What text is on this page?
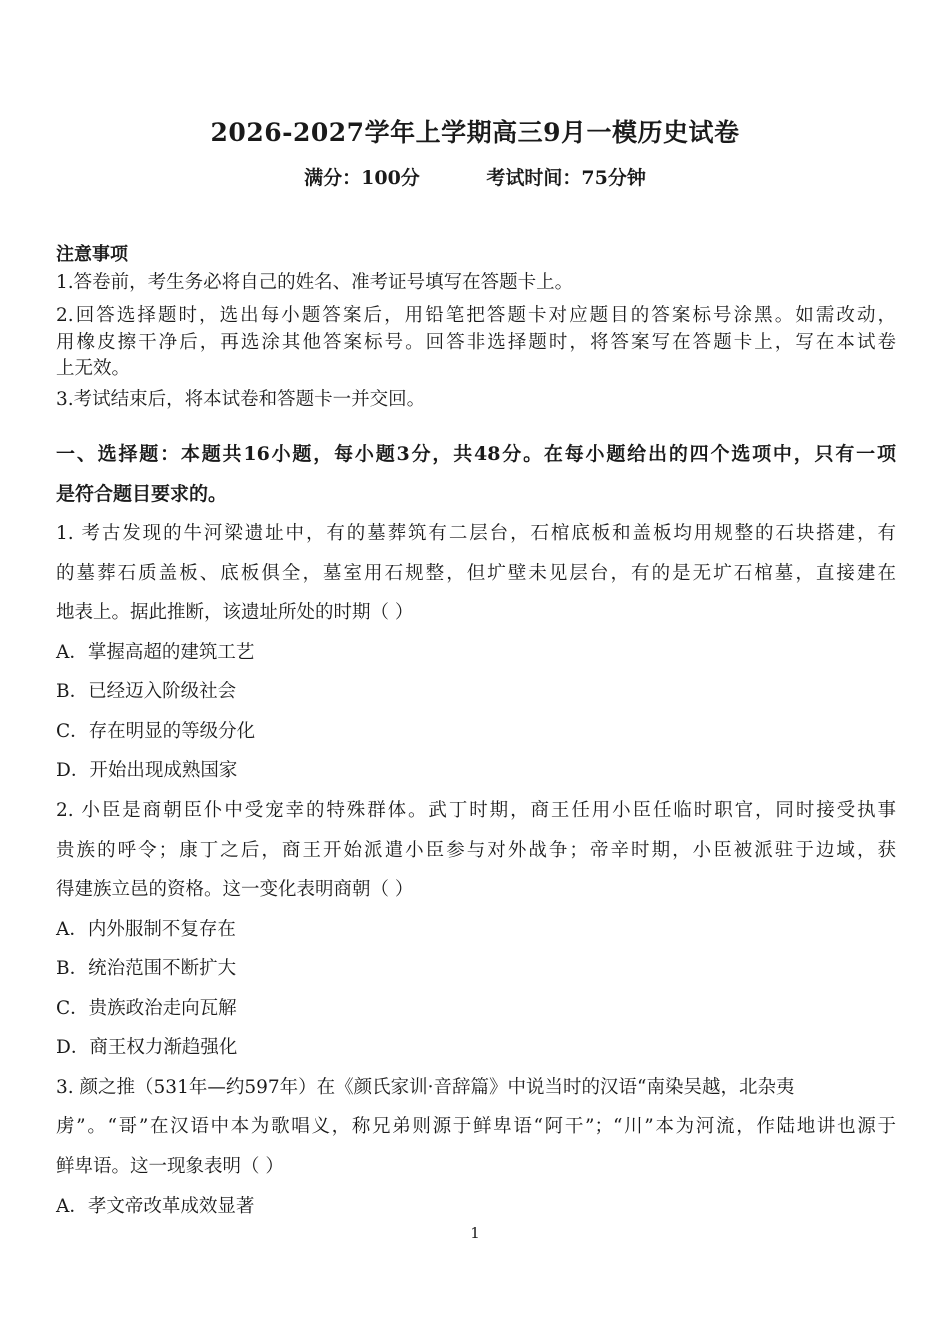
2026-2027学年上学期高三9月一模历史试卷
满分：100分	考试时间：75分钟
注意事项
1.答卷前，考生务必将自己的姓名、准考证号填写在答题卡上。
2.回答选择题时，选出每小题答案后，用铅笔把答题卡对应题目的答案标号涂黑。如需改动，
用橡皮擦干净后，再选涂其他答案标号。回答非选择题时，将答案写在答题卡上，写在本试卷
上无效。
3.考试结束后，将本试卷和答题卡一并交回。
一、选择题：本题共16小题，每小题3分，共48分。在每小题给出的四个选项中，只有一项
是符合题目要求的。
1. 考古发现的牛河梁遗址中，有的墓葬筑有二层台，石棺底板和盖板均用规整的石块搭建，有
的墓葬石质盖板、底板俱全，墓室用石规整，但圹壁未见层台，有的是无圹石棺墓，直接建在
地表上。据此推断，该遗址所处的时期（ ）
A．掌握高超的建筑工艺
B．已经迈入阶级社会
C．存在明显的等级分化
D．开始出现成熟国家
2. 小臣是商朝臣仆中受宠幸的特殊群体。武丁时期，商王任用小臣任临时职官，同时接受执事
贵族的呼令；康丁之后，商王开始派遣小臣参与对外战争；帝辛时期，小臣被派驻于边域，获
得建族立邑的资格。这一变化表明商朝（ ）
A．内外服制不复存在
B．统治范围不断扩大
C．贵族政治走向瓦解
D．商王权力渐趋强化
3. 颜之推（531年—约597年）在《颜氏家训·音辞篇》中说当时的汉语“南染吴越，北杂夷
虏”。“哥”在汉语中本为歌唱义，称兄弟则源于鲜卑语“阿干”；“川”本为河流，作陆地讲也源于
鲜卑语。这一现象表明（ ）
A．孝文帝改革成效显著
1
